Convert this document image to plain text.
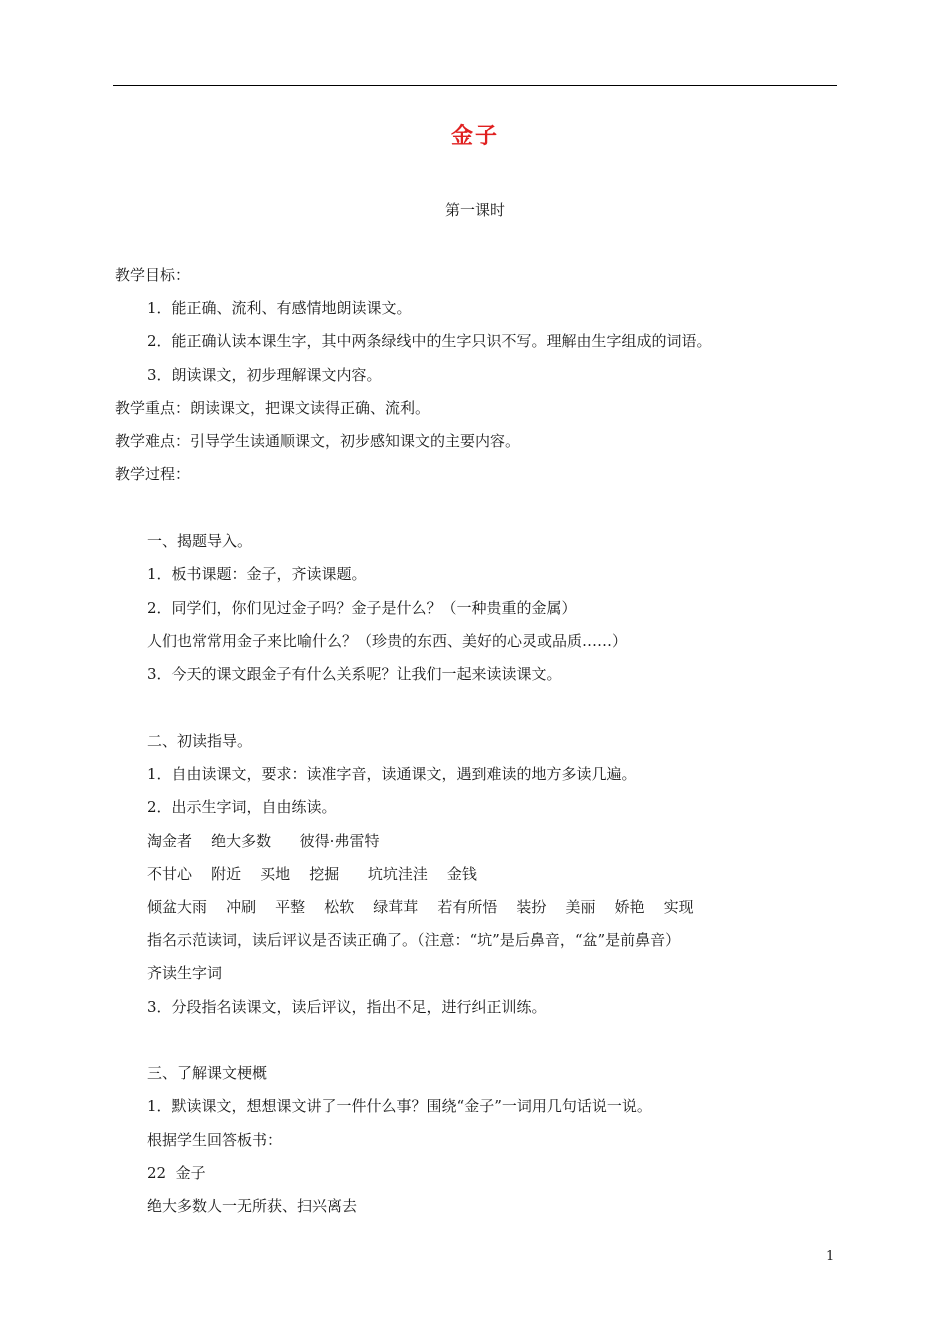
金子
第一课时
教学目标：
1．能正确、流利、有感情地朗读课文。
2．能正确认读本课生字，其中两条绿线中的生字只识不写。理解由生字组成的词语。
3．朗读课文，初步理解课文内容。
教学重点：朗读课文，把课文读得正确、流利。
教学难点：引导学生读通顺课文，初步感知课文的主要内容。
教学过程：
一、揭题导入。
1．板书课题：金子，齐读课题。
2．同学们，你们见过金子吗？金子是什么？（一种贵重的金属）
人们也常常用金子来比喻什么？（珍贵的东西、美好的心灵或品质……）
3．今天的课文跟金子有什么关系呢？让我们一起来读读课文。
二、初读指导。
1．自由读课文，要求：读准字音，读通课文，遇到难读的地方多读几遍。
2．出示生字词，自由练读。
淘金者    绝大多数      彼得·弗雷特
不甘心    附近    买地    挖掘      坑坑洼洼    金钱
倾盆大雨    冲刷    平整    松软    绿茸茸    若有所悟    装扮    美丽    娇艳    实现
指名示范读词，读后评议是否读正确了。（注意：“坑”是后鼻音，“盆”是前鼻音）
齐读生字词
3．分段指名读课文，读后评议，指出不足，进行纠正训练。
三、了解课文梗概
1．默读课文，想想课文讲了一件什么事？围绕“金子”一词用几句话说一说。
根据学生回答板书：
22  金子
绝大多数人一无所获、扫兴离去
1
